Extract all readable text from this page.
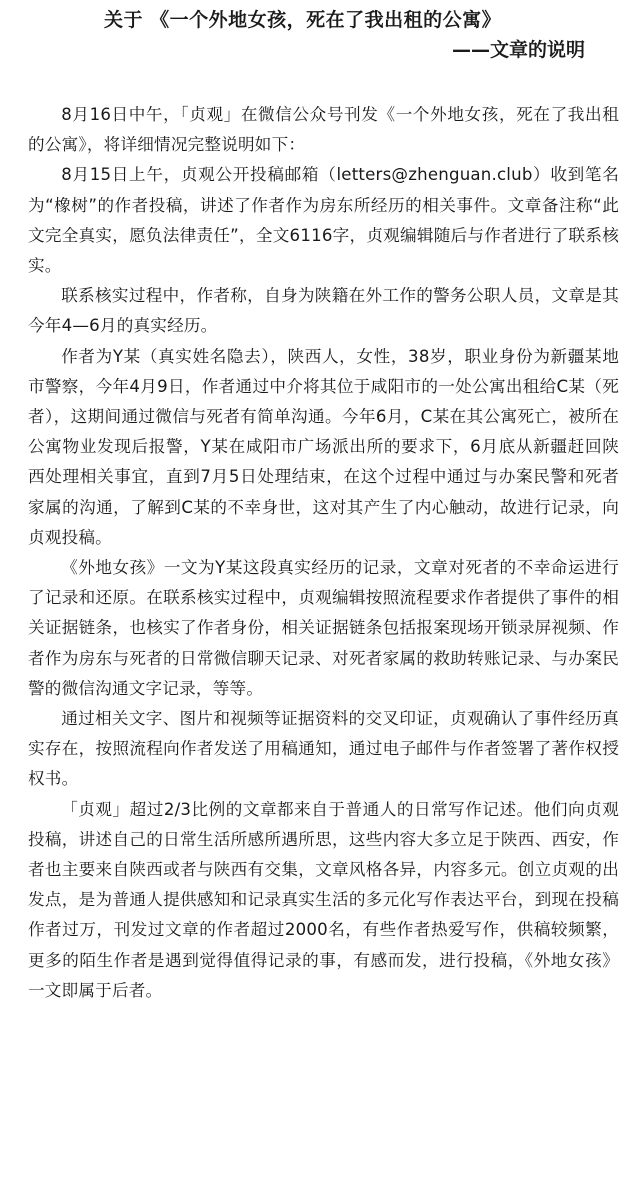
关于 《一个外地女孩，死在了我出租的公寓》
——文章的说明

8月16日中午，「贞观」在微信公众号刊发《一个外地女孩，死在了我出租的公寓》，将详细情况完整说明如下：

8月15日上午，贞观公开投稿邮箱（letters@zhenguan.club）收到笔名为“橡树”的作者投稿，讲述了作者作为房东所经历的相关事件。文章备注称“此文完全真实，愿负法律责任”，全文6116字，贞观编辑随后与作者进行了联系核实。

联系核实过程中，作者称，自身为陕籍在外工作的警务公职人员，文章是其今年4—6月的真实经历。

作者为Y某（真实姓名隐去），陕西人，女性，38岁，职业身份为新疆某地市警察，今年4月9日，作者通过中介将其位于咸阳市的一处公寓出租给C某（死者），这期间通过微信与死者有简单沟通。今年6月，C某在其公寓死亡，被所在公寓物业发现后报警，Y某在咸阳市广场派出所的要求下，6月底从新疆赶回陕西处理相关事宜，直到7月5日处理结束，在这个过程中通过与办案民警和死者家属的沟通，了解到C某的不幸身世，这对其产生了内心触动，故进行记录，向贞观投稿。

《外地女孩》一文为Y某这段真实经历的记录，文章对死者的不幸命运进行了记录和还原。在联系核实过程中，贞观编辑按照流程要求作者提供了事件的相关证据链条，也核实了作者身份，相关证据链条包括报案现场开锁录屏视频、作者作为房东与死者的日常微信聊天记录、对死者家属的救助转账记录、与办案民警的微信沟通文字记录，等等。

通过相关文字、图片和视频等证据资料的交叉印证，贞观确认了事件经历真实存在，按照流程向作者发送了用稿通知，通过电子邮件与作者签署了著作权授权书。

「贞观」超过2/3比例的文章都来自于普通人的日常写作记述。他们向贞观投稿，讲述自己的日常生活所感所遇所思，这些内容大多立足于陕西、西安，作者也主要来自陕西或者与陕西有交集，文章风格各异，内容多元。创立贞观的出发点，是为普通人提供感知和记录真实生活的多元化写作表达平台，到现在投稿作者过万，刊发过文章的作者超过2000名，有些作者热爱写作，供稿较频繁，更多的陌生作者是遇到觉得值得记录的事，有感而发，进行投稿，《外地女孩》一文即属于后者。
